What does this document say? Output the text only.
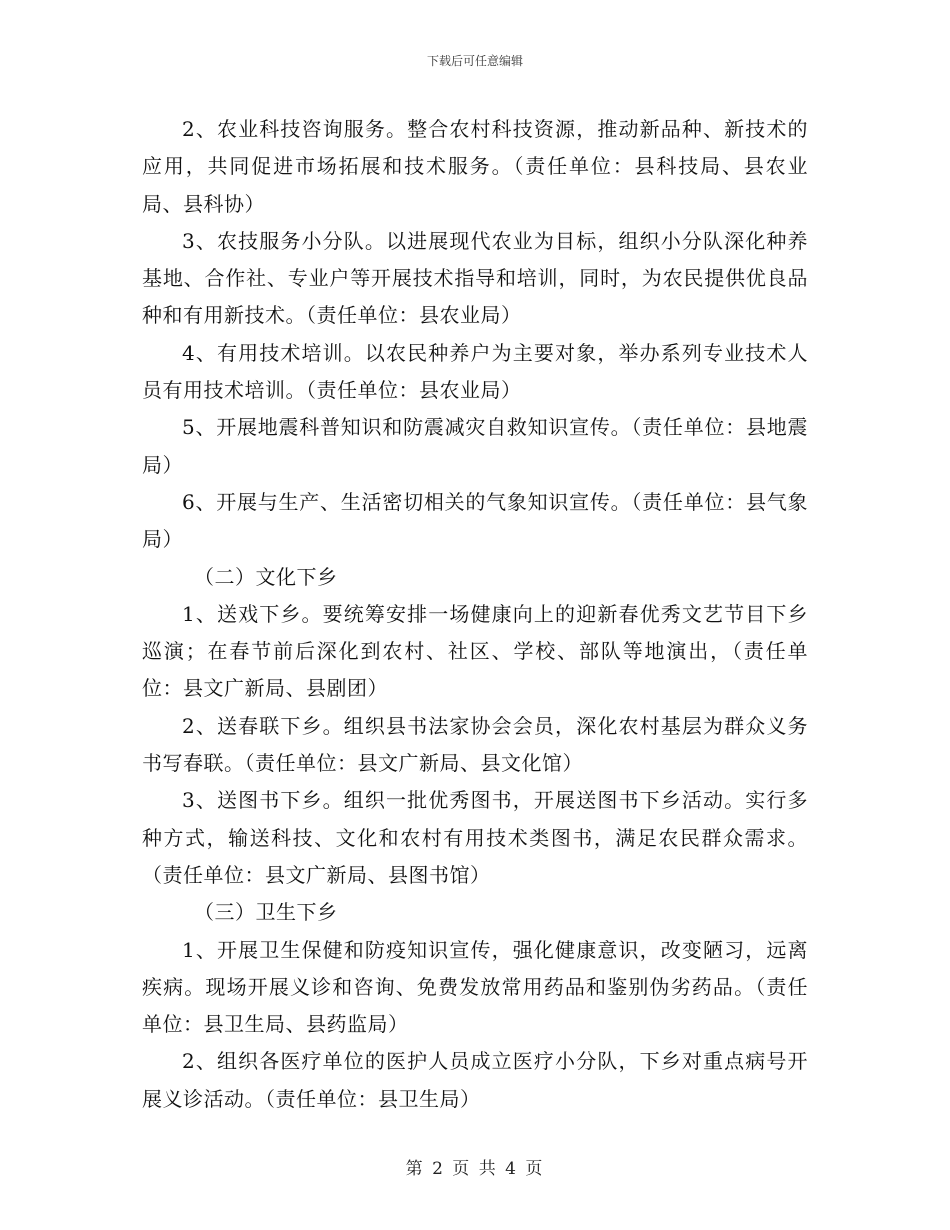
下载后可任意编辑

2、农业科技咨询服务。整合农村科技资源，推动新品种、新技术的应用，共同促进市场拓展和技术服务。（责任单位：县科技局、县农业局、县科协）

3、农技服务小分队。以进展现代农业为目标，组织小分队深化种养基地、合作社、专业户等开展技术指导和培训，同时，为农民提供优良品种和有用新技术。（责任单位：县农业局）

4、有用技术培训。以农民种养户为主要对象，举办系列专业技术人员有用技术培训。（责任单位：县农业局）

5、开展地震科普知识和防震减灾自救知识宣传。（责任单位：县地震局）

6、开展与生产、生活密切相关的气象知识宣传。（责任单位：县气象局）

（二）文化下乡

1、送戏下乡。要统筹安排一场健康向上的迎新春优秀文艺节目下乡巡演；在春节前后深化到农村、社区、学校、部队等地演出，（责任单位：县文广新局、县剧团）

2、送春联下乡。组织县书法家协会会员，深化农村基层为群众义务书写春联。（责任单位：县文广新局、县文化馆）

3、送图书下乡。组织一批优秀图书，开展送图书下乡活动。实行多种方式，输送科技、文化和农村有用技术类图书，满足农民群众需求。（责任单位：县文广新局、县图书馆）

（三）卫生下乡

1、开展卫生保健和防疫知识宣传，强化健康意识，改变陋习，远离疾病。现场开展义诊和咨询、免费发放常用药品和鉴别伪劣药品。（责任单位：县卫生局、县药监局）

2、组织各医疗单位的医护人员成立医疗小分队，下乡对重点病号开展义诊活动。（责任单位：县卫生局）

第 2 页 共 4 页
